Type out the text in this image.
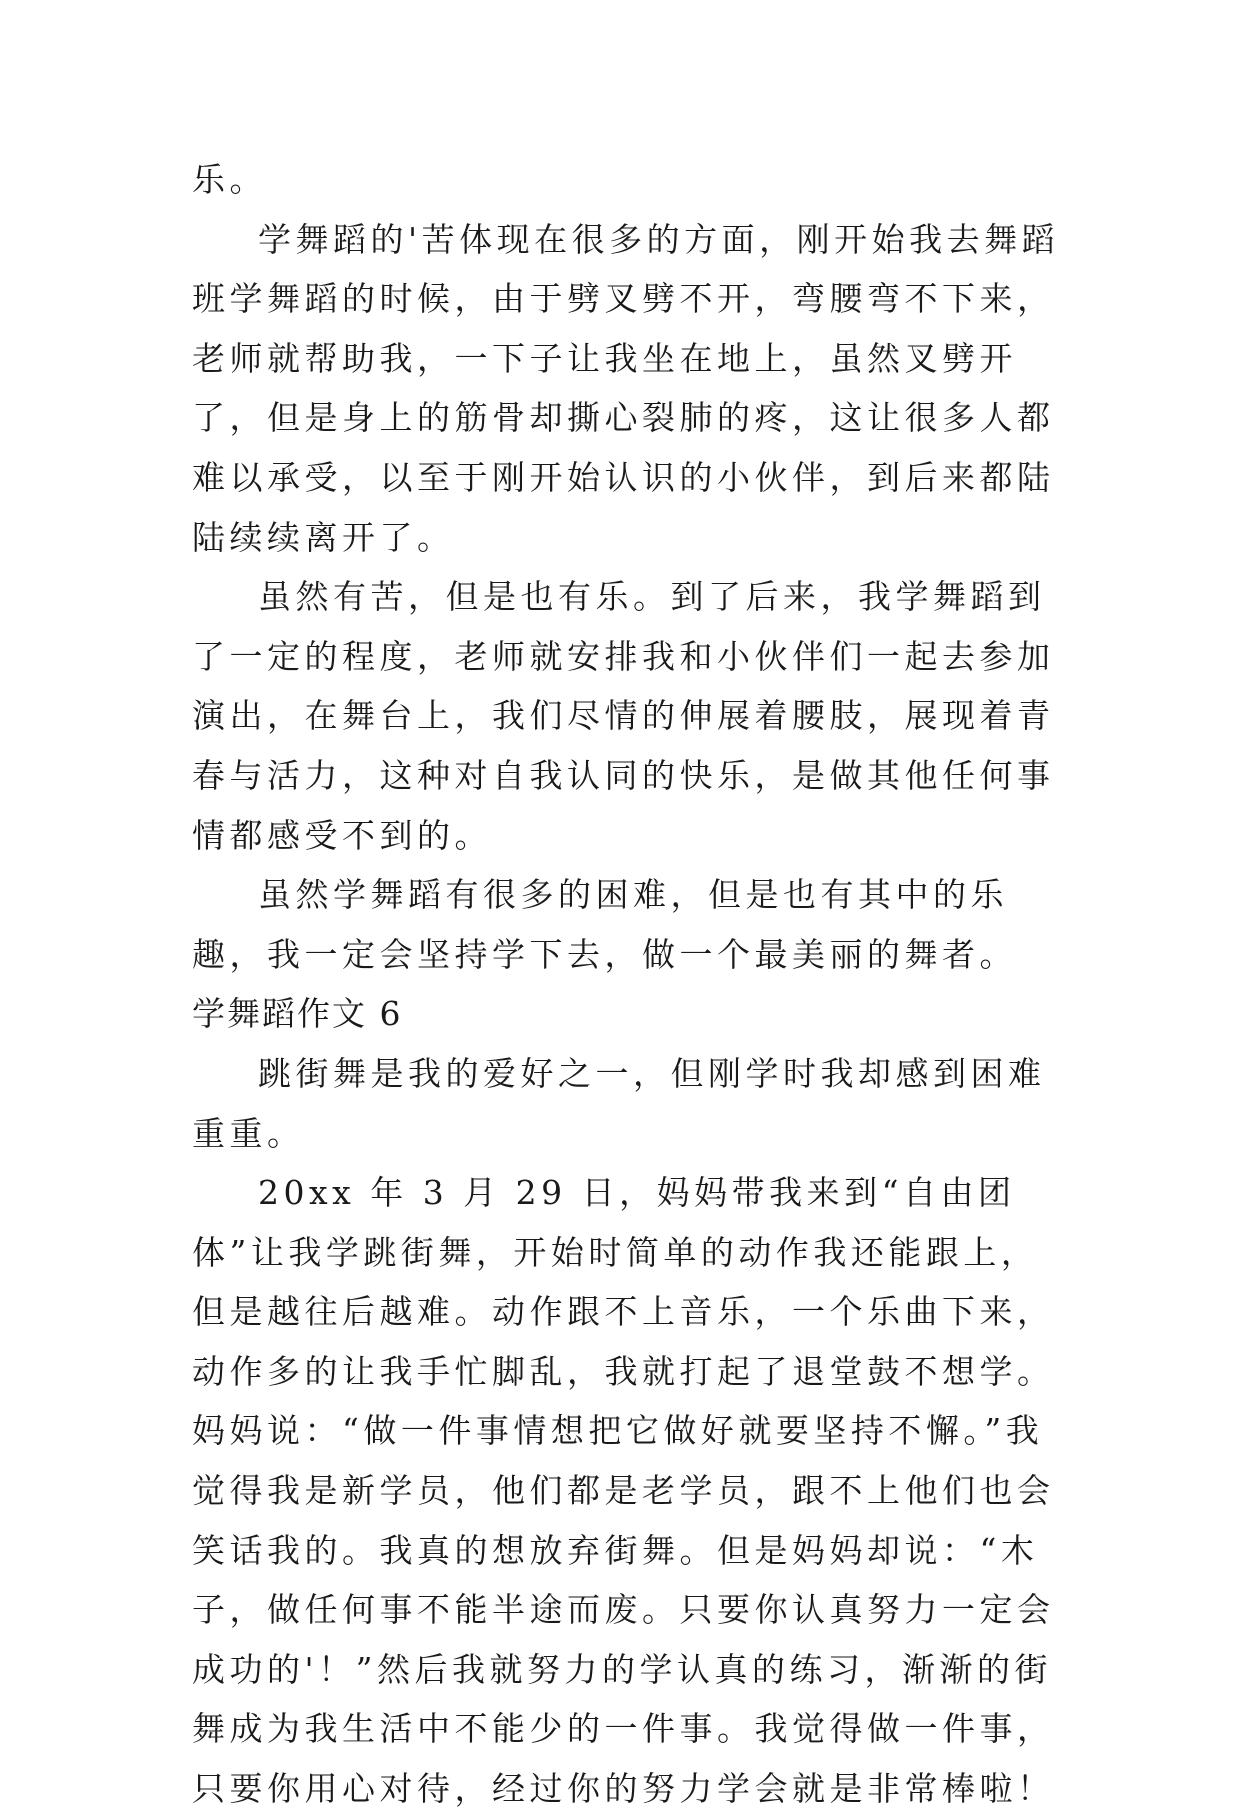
乐。

学舞蹈的'苦体现在很多的方面，刚开始我去舞蹈班学舞蹈的时候，由于劈叉劈不开，弯腰弯不下来，老师就帮助我，一下子让我坐在地上，虽然叉劈开了，但是身上的筋骨却撕心裂肺的疼，这让很多人都难以承受，以至于刚开始认识的小伙伴，到后来都陆陆续续离开了。

虽然有苦，但是也有乐。到了后来，我学舞蹈到了一定的程度，老师就安排我和小伙伴们一起去参加演出，在舞台上，我们尽情的伸展着腰肢，展现着青春与活力，这种对自我认同的快乐，是做其他任何事情都感受不到的。

虽然学舞蹈有很多的困难，但是也有其中的乐趣，我一定会坚持学下去，做一个最美丽的舞者。

学舞蹈作文 6

跳街舞是我的爱好之一，但刚学时我却感到困难重重。

20xx 年 3 月 29 日，妈妈带我来到“自由团体”让我学跳街舞，开始时简单的动作我还能跟上，但是越往后越难。动作跟不上音乐，一个乐曲下来，动作多的让我手忙脚乱，我就打起了退堂鼓不想学。妈妈说：“做一件事情想把它做好就要坚持不懈。”我觉得我是新学员，他们都是老学员，跟不上他们也会笑话我的。我真的想放弃街舞。但是妈妈却说：“木子，做任何事不能半途而废。只要你认真努力一定会成功的'！”然后我就努力的学认真的练习，渐渐的街舞成为我生活中不能少的一件事。我觉得做一件事，只要你用心对待，经过你的努力学会就是非常棒啦！
